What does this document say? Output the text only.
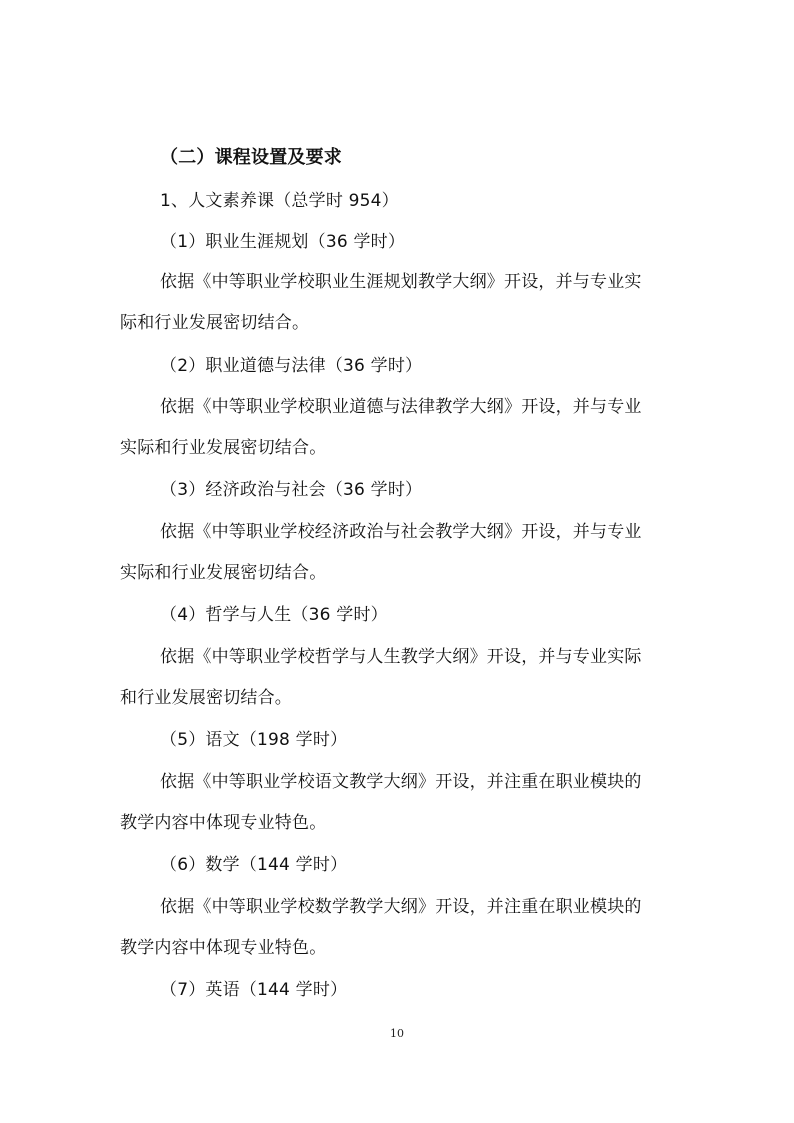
（二）课程设置及要求
1、人文素养课（总学时 954）
（1）职业生涯规划（36 学时）
依据《中等职业学校职业生涯规划教学大纲》开设，并与专业实
际和行业发展密切结合。
（2）职业道德与法律（36 学时）
依据《中等职业学校职业道德与法律教学大纲》开设，并与专业
实际和行业发展密切结合。
（3）经济政治与社会（36 学时）
依据《中等职业学校经济政治与社会教学大纲》开设，并与专业
实际和行业发展密切结合。
（4）哲学与人生（36 学时）
依据《中等职业学校哲学与人生教学大纲》开设，并与专业实际
和行业发展密切结合。
（5）语文（198 学时）
依据《中等职业学校语文教学大纲》开设，并注重在职业模块的
教学内容中体现专业特色。
（6）数学（144 学时）
依据《中等职业学校数学教学大纲》开设，并注重在职业模块的
教学内容中体现专业特色。
（7）英语（144 学时）
10
